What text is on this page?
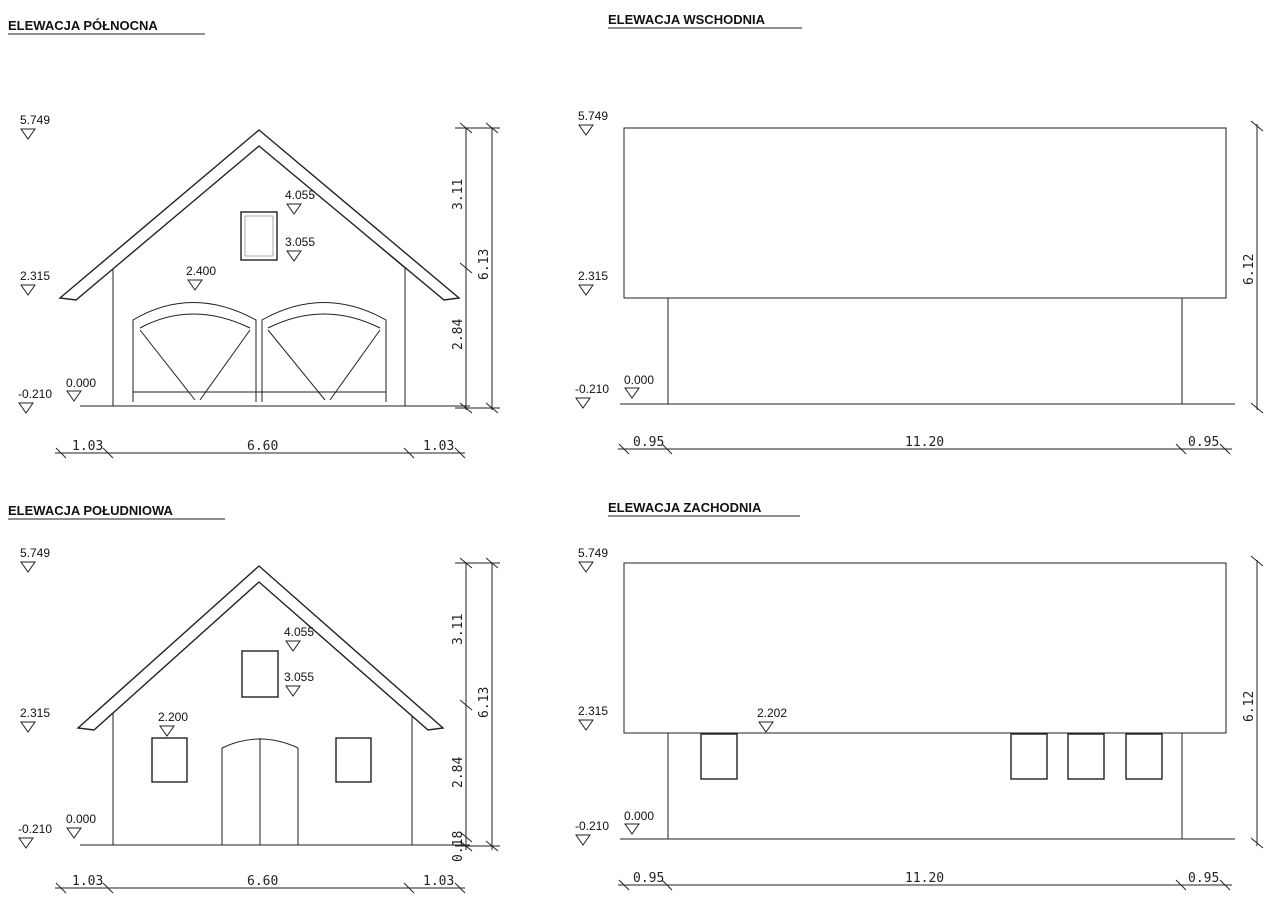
ELEWACJA PÓŁNOCNA	ELEWACJA WSCHODNIA
ELEWACJA POŁUDNIOWA	ELEWACJA ZACHODNIA
5.749
2.315
-0.210
0.000
2.400
4.055
3.055
1.03	6.60	1.03
3.11
6.13
2.84
5.749
2.315
-0.210
0.000
0.95	11.20	0.95
6.12
5.749
2.315
-0.210
0.000
2.200
4.055
3.055
1.03	6.60	1.03
3.11
6.13
2.84
0.18
5.749
2.315
-0.210
0.000
2.202
0.95	11.20	0.95
6.12
